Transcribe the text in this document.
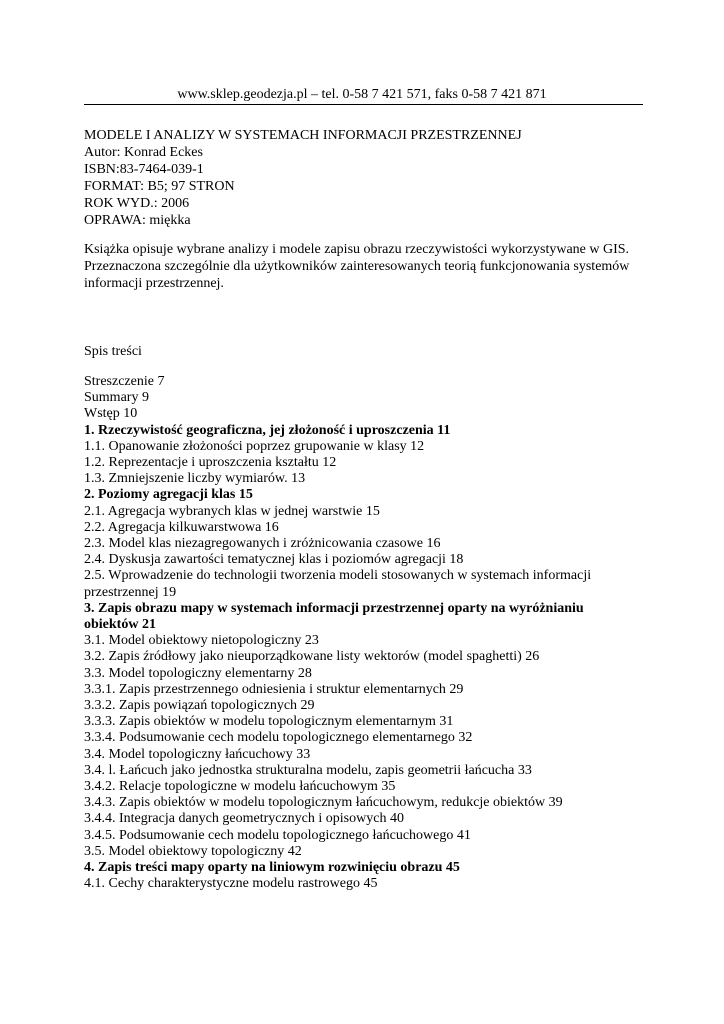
www.sklep.geodezja.pl – tel. 0-58 7 421 571, faks 0-58 7 421 871
MODELE I ANALIZY W SYSTEMACH INFORMACJI PRZESTRZENNEJ
Autor: Konrad Eckes
ISBN:83-7464-039-1
FORMAT: B5; 97 STRON
ROK WYD.: 2006
OPRAWA: miękka
Książka opisuje wybrane analizy i modele zapisu obrazu rzeczywistości wykorzystywane w GIS.
Przeznaczona szczególnie dla użytkowników zainteresowanych teorią funkcjonowania systemów
informacji przestrzennej.
Spis treści
Streszczenie 7
Summary 9
Wstęp 10
1. Rzeczywistość geograficzna, jej złożoność i uproszczenia 11
1.1. Opanowanie złożoności poprzez grupowanie w klasy 12
1.2. Reprezentacje i uproszczenia kształtu 12
1.3. Zmniejszenie liczby wymiarów. 13
2. Poziomy agregacji klas 15
2.1. Agregacja wybranych klas w jednej warstwie 15
2.2. Agregacja kilkuwarstwowa 16
2.3. Model klas niezagregowanych i zróżnicowania czasowe 16
2.4. Dyskusja zawartości tematycznej klas i poziomów agregacji 18
2.5. Wprowadzenie do technologii tworzenia modeli stosowanych w systemach informacji
przestrzennej 19
3. Zapis obrazu mapy w systemach informacji przestrzennej oparty na wyróżnianiu
obiektów 21
3.1. Model obiektowy nietopologiczny 23
3.2. Zapis źródłowy jako nieuporządkowane listy wektorów (model spaghetti) 26
3.3. Model topologiczny elementarny 28
3.3.1. Zapis przestrzennego odniesienia i struktur elementarnych 29
3.3.2. Zapis powiązań topologicznych 29
3.3.3. Zapis obiektów w modelu topologicznym elementarnym 31
3.3.4. Podsumowanie cech modelu topologicznego elementarnego 32
3.4. Model topologiczny łańcuchowy 33
3.4. l. Łańcuch jako jednostka strukturalna modelu, zapis geometrii łańcucha 33
3.4.2. Relacje topologiczne w modelu łańcuchowym 35
3.4.3. Zapis obiektów w modelu topologicznym łańcuchowym, redukcje obiektów 39
3.4.4. Integracja danych geometrycznych i opisowych 40
3.4.5. Podsumowanie cech modelu topologicznego łańcuchowego 41
3.5. Model obiektowy topologiczny 42
4. Zapis treści mapy oparty na liniowym rozwinięciu obrazu 45
4.1. Cechy charakterystyczne modelu rastrowego 45
